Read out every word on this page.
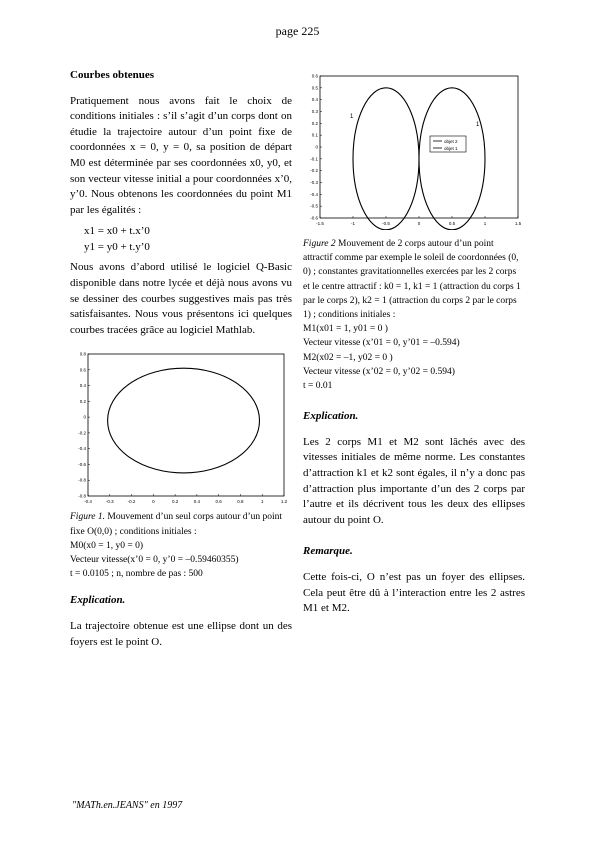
page 225
Courbes obtenues

Pratiquement nous avons fait le choix de conditions initiales : s’il s’agit d’un corps dont on étudie la trajectoire autour d’un point fixe de coordonnées x = 0, y = 0, sa position de départ M0 est déterminée par ses coordonnées x0, y0, et son vecteur vitesse initial a pour coordonnées x’0, y’0. Nous obtenons les coordonnées du point M1 par les égalités :

x1 = x0 + t.x’0
y1 = y0 + t.y’0

Nous avons d’abord utilisé le logiciel Q-Basic disponible dans notre lycée et déjà nous avons vu se dessiner des courbes suggestives mais pas très satisfaisantes. Nous vous présentons ici quelques courbes tracées grâce au logiciel Mathlab.

-0.4	-0.3	-0.2	0	0.2	0.4	0.6	0.8	1	1.2
0.8
0.6
0.4
0.2
0
-0.2
-0.4
-0.6
-0.8
-0.8
Figure 1. Mouvement d’un seul corps autour d’un point fixe O(0,0) ; conditions initiales :
M0(x0 = 1, y0 = 0)
Vecteur vitesse(x’0 = 0, y’0 = –0.59460355)
t = 0.0105 ; n, nombre de pas : 500
Explication.

La trajectoire obtenue est une ellipse dont un des foyers est le point O.

-1.5	-1	-0.5	0	0.5	1	1.5
0.6
0.5
0.4
0.3
0.2
0.1
0
-0.1
-0.2
-0.3
-0.4
-0.5
-0.6
1
1
objet 2
objet 1
Figure 2 Mouvement de 2 corps autour d’un point attractif comme par exemple le soleil de coordonnées (0, 0) ; constantes gravitationnelles exercées par les 2 corps et le centre attractif : k0 = 1, k1 = 1 (attraction du corps 1 par le corps 2), k2 = 1 (attraction du corps 2 par le corps 1) ; conditions initiales :
M1(x01 = 1, y01 = 0 )
Vecteur vitesse (x’01 = 0, y’01 = –0.594)
M2(x02 = –1, y02 = 0 )
Vecteur vitesse (x’02 = 0, y’02 = 0.594)
t = 0.01
Explication.

Les 2 corps M1 et M2 sont lâchés avec des vitesses initiales de même norme. Les constantes d’attraction k1 et k2 sont égales, il n’y a donc pas d’attraction plus importante d’un des 2 corps par l’autre et ils décrivent tous les deux des ellipses autour du point O.

Remarque.

Cette fois-ci, O n’est pas un foyer des ellipses. Cela peut être dû à l’interaction entre les 2 astres M1 et M2.

"MATh.en.JEANS" en 1997
